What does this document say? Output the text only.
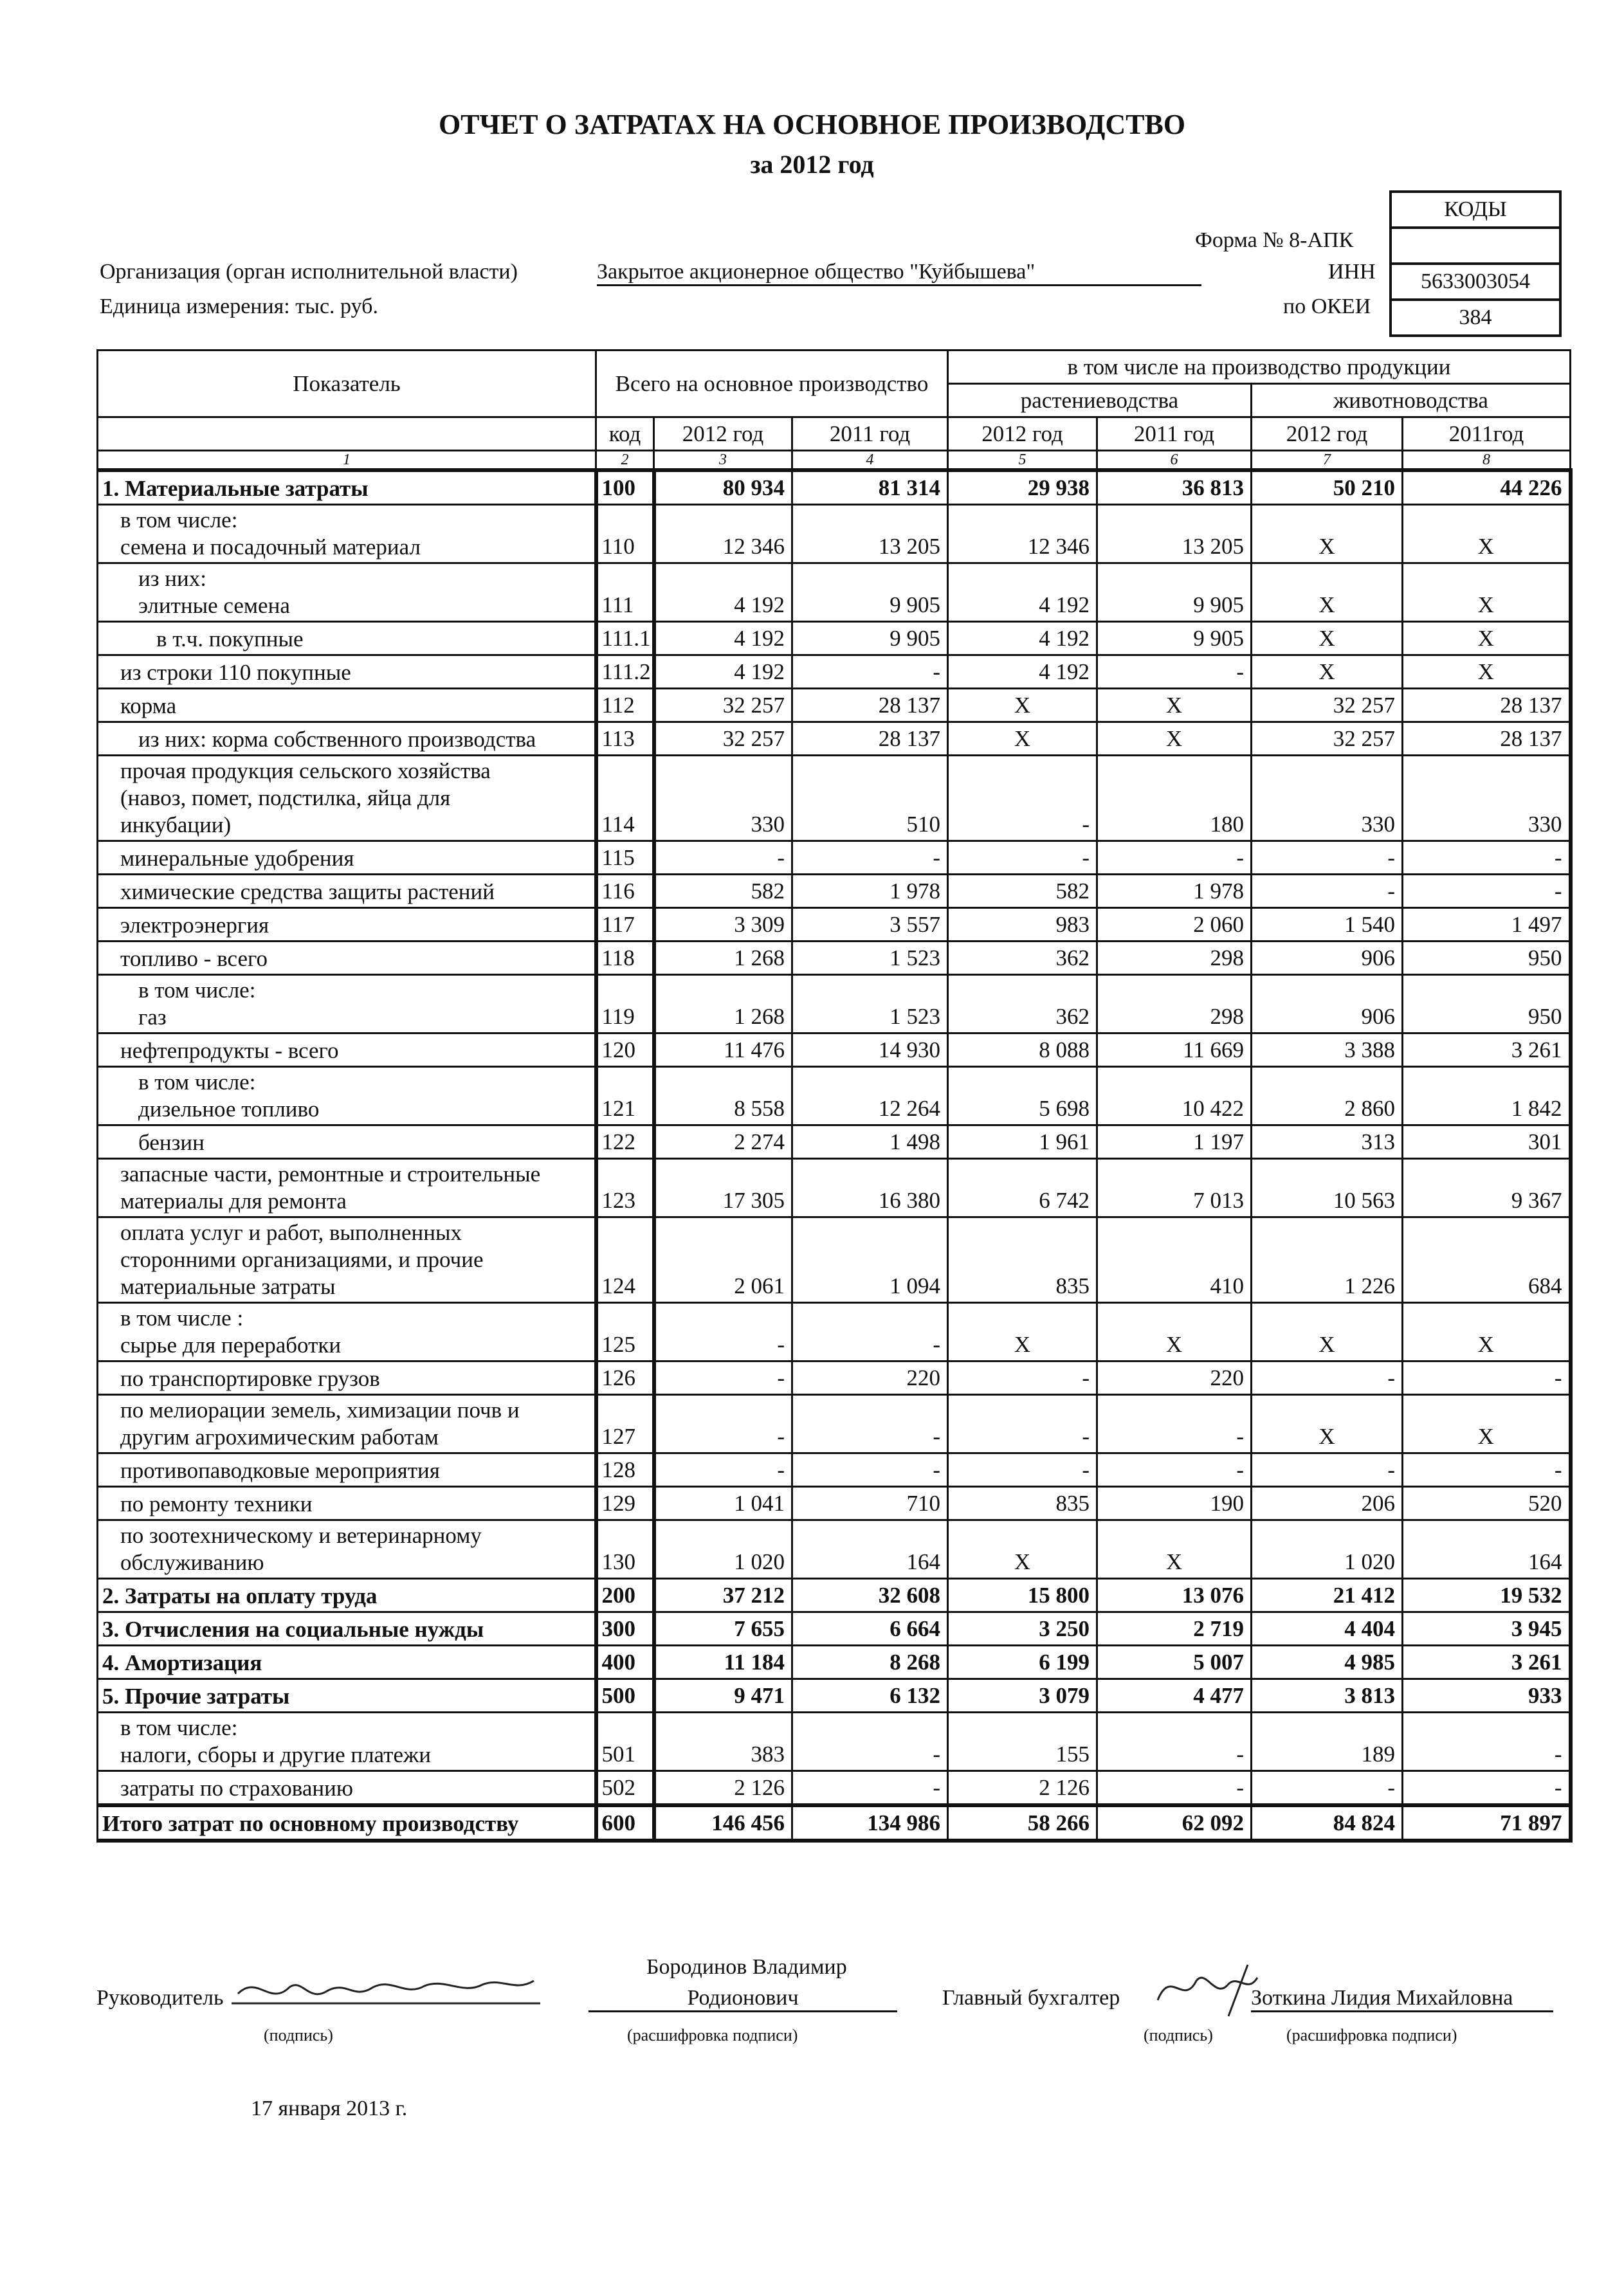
ОТЧЕТ О ЗАТРАТАХ НА ОСНОВНОЕ ПРОИЗВОДСТВО
за 2012 год
КОДЫ

5633003054
384
Форма № 8-АПК
Организация (орган исполнительной власти)	Закрытое акционерное общество "Куйбышева"	ИНН
Единица измерения: тыс. руб.	по ОКЕИ
Показатель	Всего на основное производство			в том числе на производство продукции			
				растениеводства		животноводства	
	код	2012 год	2011 год	2012 год	2011 год	2012 год	2011год
1	2	3	4	5	6	7	8
1. Материальные затраты	100	80 934	81 314	29 938	36 813	50 210	44 226
в том числе:
семенa и посадочный материал	110	12 346	13 205	12 346	13 205	X	X
из них:
элитные семена	111	4 192	9 905	4 192	9 905	X	X
в т.ч. покупные	111.1	4 192	9 905	4 192	9 905	X	X
из строки 110 покупные	111.2	4 192	-	4 192	-	X	X
корма	112	32 257	28 137	X	X	32 257	28 137
из них: корма собственного производства	113	32 257	28 137	X	X	32 257	28 137
прочая продукция сельского хозяйства
(навоз, помет, подстилка, яйца для
инкубации)	114	330	510	-	180	330	330
минеральные удобрения	115	-	-	-	-	-	-
химические средства защиты растений	116	582	1 978	582	1 978	-	-
электроэнергия	117	3 309	3 557	983	2 060	1 540	1 497
топливо - всего	118	1 268	1 523	362	298	906	950
в том числе:
газ	119	1 268	1 523	362	298	906	950
нефтепродукты - всего	120	11 476	14 930	8 088	11 669	3 388	3 261
в том числе:
дизельное топливо	121	8 558	12 264	5 698	10 422	2 860	1 842
бензин	122	2 274	1 498	1 961	1 197	313	301
запасные части, ремонтные и строительные
материалы для ремонта	123	17 305	16 380	6 742	7 013	10 563	9 367
оплата услуг и работ, выполненных
сторонними организациями, и прочие
материальные затраты	124	2 061	1 094	835	410	1 226	684
в том числе :
сырье для переработки	125	-	-	X	X	X	X
по транспортировке грузов	126	-	220	-	220	-	-
по мелиорации земель, химизации почв и
другим агрохимическим работам	127	-	-	-	-	X	X
противопаводковые мероприятия	128	-	-	-	-	-	-
по ремонту техники	129	1 041	710	835	190	206	520
по зоотехническому и ветеринарному
обслуживанию	130	1 020	164	X	X	1 020	164
2. Затраты на оплату труда	200	37 212	32 608	15 800	13 076	21 412	19 532
3. Отчисления на социальные нужды	300	7 655	6 664	3 250	2 719	4 404	3 945
4. Амортизация	400	11 184	8 268	6 199	5 007	4 985	3 261
5. Прочие затраты	500	9 471	6 132	3 079	4 477	3 813	933
в том числе:
налоги, сборы и другие платежи	501	383	-	155	-	189	-
затраты по страхованию	502	2 126	-	2 126	-	-	-
Итого затрат по основному производству	600	146 456	134 986	58 266	62 092	84 824	71 897
Руководитель
(подпись)
Бородинов Владимир
Родионович
(расшифровка подписи)
Главный бухгалтер	Зоткина Лидия Михайловна
(подпись)	(расшифровка подписи)
17 января 2013 г.
